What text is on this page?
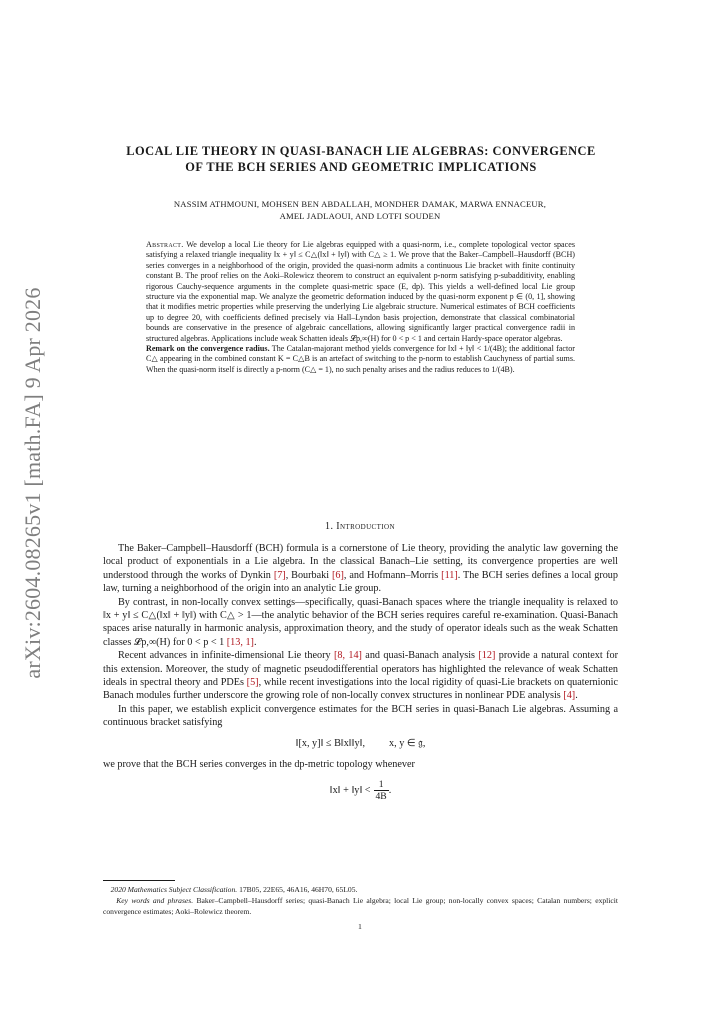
arXiv:2604.08265v1 [math.FA] 9 Apr 2026
LOCAL LIE THEORY IN QUASI-BANACH LIE ALGEBRAS: CONVERGENCE
OF THE BCH SERIES AND GEOMETRIC IMPLICATIONS
NASSIM ATHMOUNI, MOHSEN BEN ABDALLAH, MONDHER DAMAK, MARWA ENNACEUR,
AMEL JADLAOUI, AND LOTFI SOUDEN

Abstract. We develop a local Lie theory for Lie algebras equipped with a quasi-norm, i.e., complete topological vector spaces satisfying a relaxed triangle inequality ‖x + y‖ ≤ C△(‖x‖ + ‖y‖) with C△ ≥ 1. We prove that the Baker–Campbell–Hausdorff (BCH) series converges in a neighborhood of the origin, provided the quasi-norm admits a continuous Lie bracket with finite continuity constant B. The proof relies on the Aoki–Rolewicz theorem to construct an equivalent p-norm satisfying p-subadditivity, enabling rigorous Cauchy-sequence arguments in the complete quasi-metric space (E, dp). This yields a well-defined local Lie group structure via the exponential map. We analyze the geometric deformation induced by the quasi-norm exponent p ∈ (0, 1], showing that it modifies metric properties while preserving the underlying Lie algebraic structure. Numerical estimates of BCH coefficients up to degree 20, with coefficients defined precisely via Hall–Lyndon basis projection, demonstrate that classical combinatorial bounds are conservative in the presence of algebraic cancellations, allowing significantly larger practical convergence radii in structured algebras. Applications include weak Schatten ideals 𝓛p,∞(H) for 0 < p < 1 and certain Hardy-space operator algebras.

Remark on the convergence radius. The Catalan-majorant method yields convergence for ‖x‖ + ‖y‖ < 1/(4B); the additional factor C△ appearing in the combined constant K = C△B is an artefact of switching to the p-norm to establish Cauchyness of partial sums. When the quasi-norm itself is directly a p-norm (C△ = 1), no such penalty arises and the radius reduces to 1/(4B).

1. Introduction

The Baker–Campbell–Hausdorff (BCH) formula is a cornerstone of Lie theory, providing the analytic law governing the local product of exponentials in a Lie algebra. In the classical Banach–Lie setting, its convergence properties are well understood through the works of Dynkin [7], Bourbaki [6], and Hofmann–Morris [11]. The BCH series defines a local group law, turning a neighborhood of the origin into an analytic Lie group.

By contrast, in non-locally convex settings—specifically, quasi-Banach spaces where the triangle inequality is relaxed to ‖x + y‖ ≤ C△(‖x‖ + ‖y‖) with C△ > 1—the analytic behavior of the BCH series requires careful re-examination. Quasi-Banach spaces arise naturally in harmonic analysis, approximation theory, and the study of operator ideals such as the weak Schatten classes 𝓛p,∞(H) for 0 < p < 1 [13, 1].

Recent advances in infinite-dimensional Lie theory [8, 14] and quasi-Banach analysis [12] provide a natural context for this extension. Moreover, the study of magnetic pseudodifferential operators has highlighted the relevance of weak Schatten ideals in spectral theory and PDEs [5], while recent investigations into the local rigidity of quasi-Lie brackets on quaternionic Banach modules further underscore the growing role of non-locally convex structures in nonlinear PDE analysis [4].

In this paper, we establish explicit convergence estimates for the BCH series in quasi-Banach Lie algebras. Assuming a continuous bracket satisfying

‖[x, y]‖ ≤ B‖x‖‖y‖, x, y ∈ 𝔤,

we prove that the BCH series converges in the dp-metric topology whenever

‖x‖ + ‖y‖ < $\frac{1}{4B}$ .

2020 Mathematics Subject Classification. 17B05, 22E65, 46A16, 46H70, 65L05.

Key words and phrases. Baker–Campbell–Hausdorff series; quasi-Banach Lie algebra; local Lie group; non-locally convex spaces; Catalan numbers; explicit convergence estimates; Aoki–Rolewicz theorem.

1
